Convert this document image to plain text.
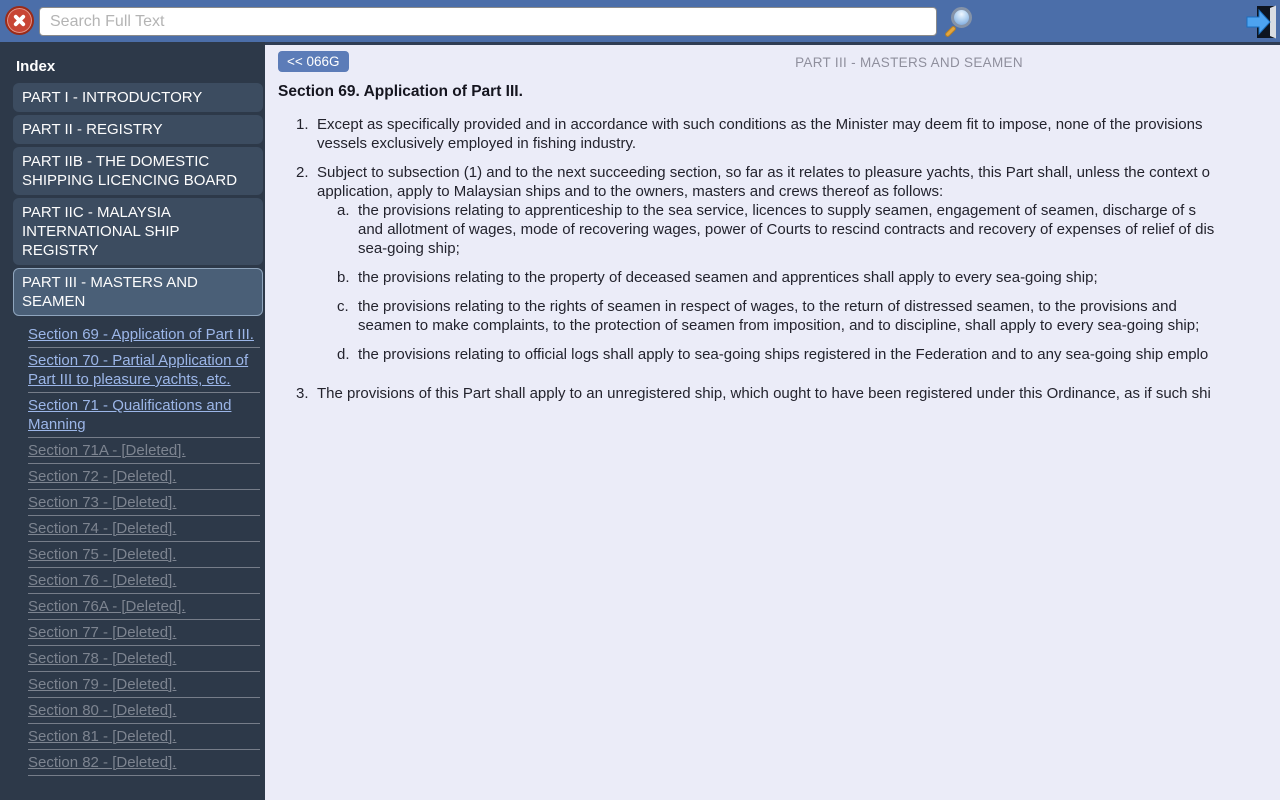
Search Full Text
Index
PART I - INTRODUCTORY
PART II - REGISTRY
PART IIB - THE DOMESTIC SHIPPING LICENCING BOARD
PART IIC - MALAYSIA INTERNATIONAL SHIP REGISTRY
PART III - MASTERS AND SEAMEN
Section 69 - Application of Part III.
Section 70 - Partial Application of Part III to pleasure yachts, etc.
Section 71 - Qualifications and Manning
Section 71A - [Deleted].
Section 72 - [Deleted].
Section 73 - [Deleted].
Section 74 - [Deleted].
Section 75 - [Deleted].
Section 76 - [Deleted].
Section 76A - [Deleted].
Section 77 - [Deleted].
Section 78 - [Deleted].
Section 79 - [Deleted].
Section 80 - [Deleted].
Section 81 - [Deleted].
Section 82 - [Deleted].
<< 066G	PART III - MASTERS AND SEAMEN
Section 69. Application of Part III.
1. Except as specifically provided and in accordance with such conditions as the Minister may deem fit to impose, none of the provisions
vessels exclusively employed in fishing industry.
2. Subject to subsection (1) and to the next succeeding section, so far as it relates to pleasure yachts, this Part shall, unless the context o
application, apply to Malaysian ships and to the owners, masters and crews thereof as follows:
a. the provisions relating to apprenticeship to the sea service, licences to supply seamen, engagement of seamen, discharge of s
and allotment of wages, mode of recovering wages, power of Courts to rescind contracts and recovery of expenses of relief of dis
sea-going ship;
b. the provisions relating to the property of deceased seamen and apprentices shall apply to every sea-going ship;
c. the provisions relating to the rights of seamen in respect of wages, to the return of distressed seamen, to the provisions and
seamen to make complaints, to the protection of seamen from imposition, and to discipline, shall apply to every sea-going ship;
d. the provisions relating to official logs shall apply to sea-going ships registered in the Federation and to any sea-going ship emplo
3. The provisions of this Part shall apply to an unregistered ship, which ought to have been registered under this Ordinance, as if such shi
